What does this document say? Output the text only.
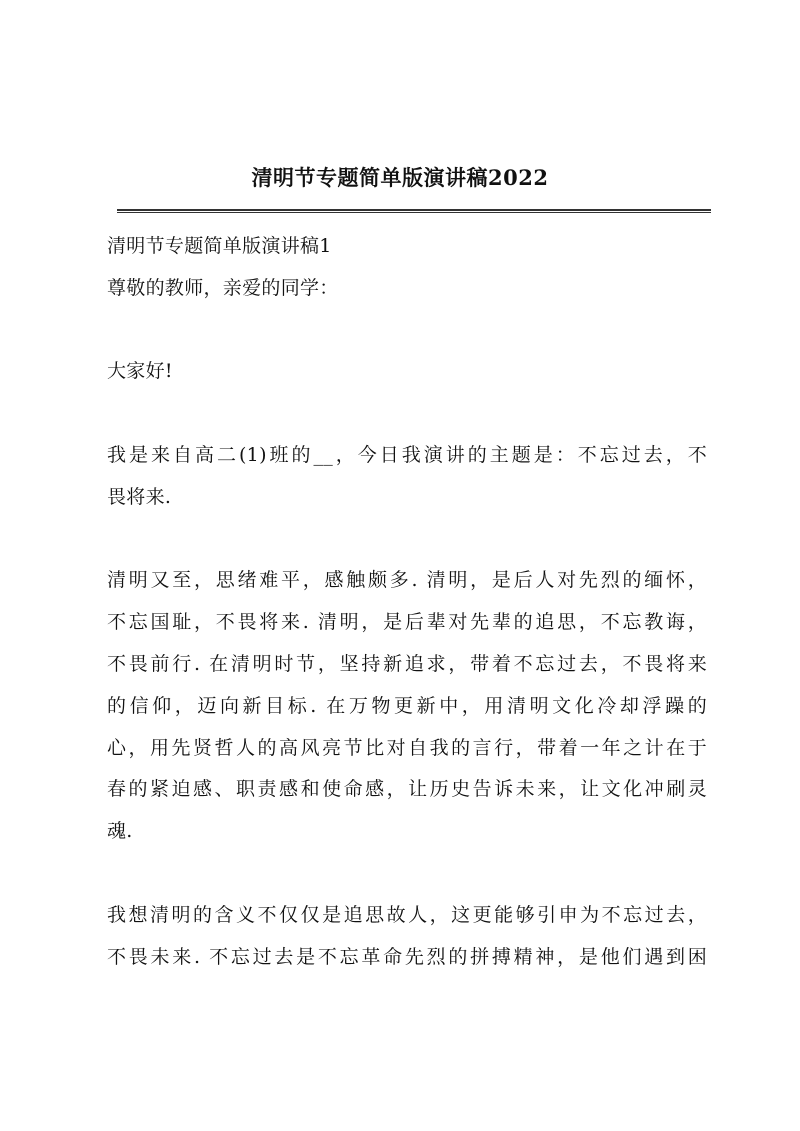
清明节专题简单版演讲稿2022
清明节专题简单版演讲稿1
尊敬的教师，亲爱的同学：
大家好!
我是来自高二(1)班的__，今日我演讲的主题是：不忘过去，不
畏将来.
清明又至，思绪难平，感触颇多. 清明，是后人对先烈的缅怀，
不忘国耻，不畏将来. 清明，是后辈对先辈的追思，不忘教诲，
不畏前行. 在清明时节，坚持新追求，带着不忘过去，不畏将来
的信仰，迈向新目标. 在万物更新中，用清明文化冷却浮躁的
心，用先贤哲人的高风亮节比对自我的言行，带着一年之计在于
春的紧迫感、职责感和使命感，让历史告诉未来，让文化冲刷灵
魂.
我想清明的含义不仅仅是追思故人，这更能够引申为不忘过去，
不畏未来. 不忘过去是不忘革命先烈的拼搏精神，是他们遇到困
